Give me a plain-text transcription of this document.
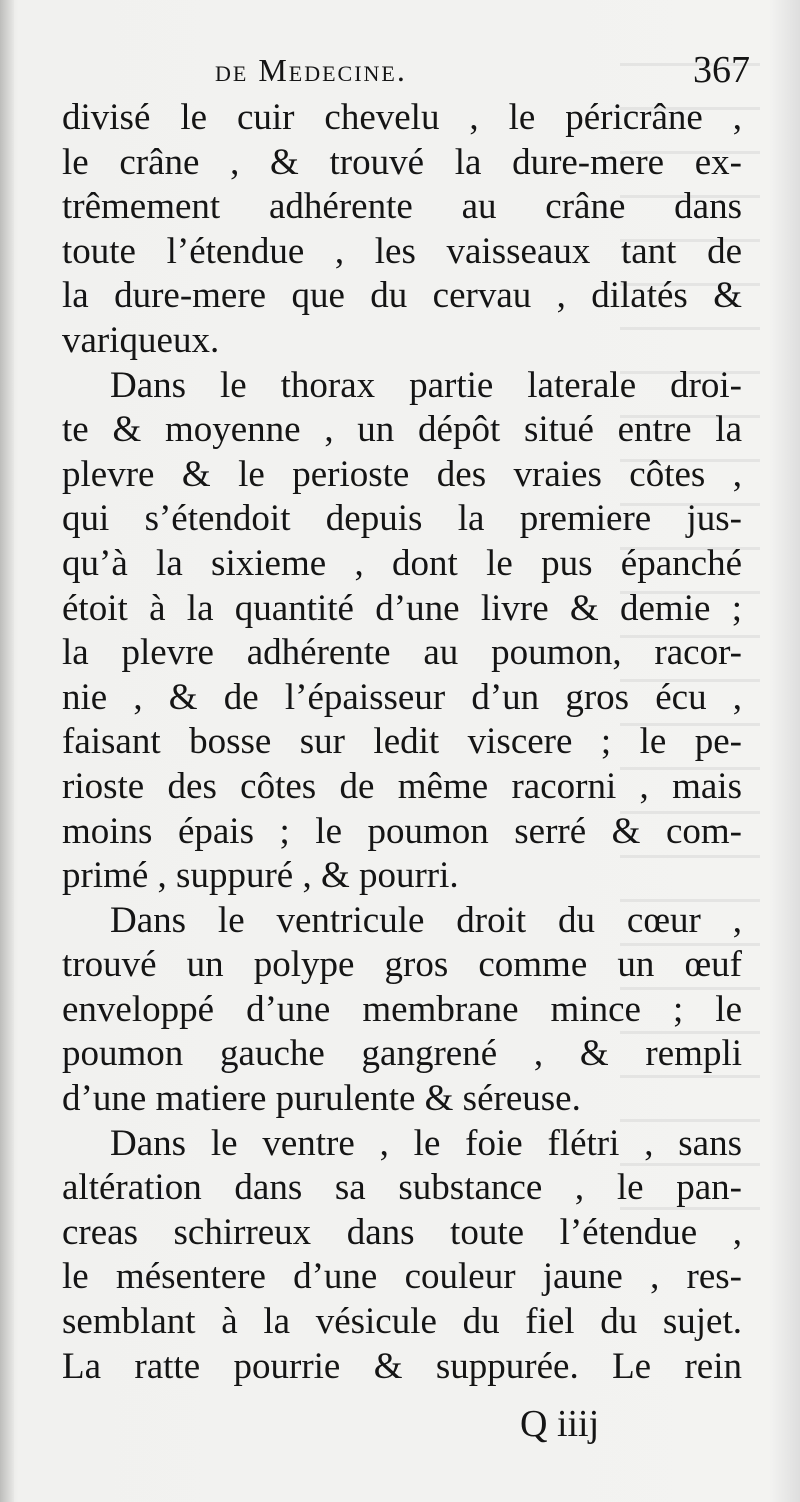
de Medecine.	367
divisé le cuir chevelu , le péricrâne ,
le crâne , & trouvé la dure-mere ex-
trêmement adhérente au crâne dans
toute l’étendue , les vaisseaux tant de
la dure-mere que du cervau , dilatés &
variqueux.
Dans le thorax partie laterale droi-
te & moyenne , un dépôt situé entre la
plevre & le perioste des vraies côtes ,
qui s’étendoit depuis la premiere jus-
qu’à la sixieme , dont le pus épanché
étoit à la quantité d’une livre & demie ;
la plevre adhérente au poumon, racor-
nie , & de l’épaisseur d’un gros écu ,
faisant bosse sur ledit viscere ; le pe-
rioste des côtes de même racorni , mais
moins épais ; le poumon serré & com-
primé , suppuré , & pourri.
Dans le ventricule droit du cœur ,
trouvé un polype gros comme un œuf
enveloppé d’une membrane mince ; le
poumon gauche gangrené , & rempli
d’une matiere purulente & séreuse.
Dans le ventre , le foie flétri , sans
altération dans sa substance , le pan-
creas schirreux dans toute l’étendue ,
le mésentere d’une couleur jaune , res-
semblant à la vésicule du fiel du sujet.
La ratte pourrie & suppurée. Le rein
Q iiij
